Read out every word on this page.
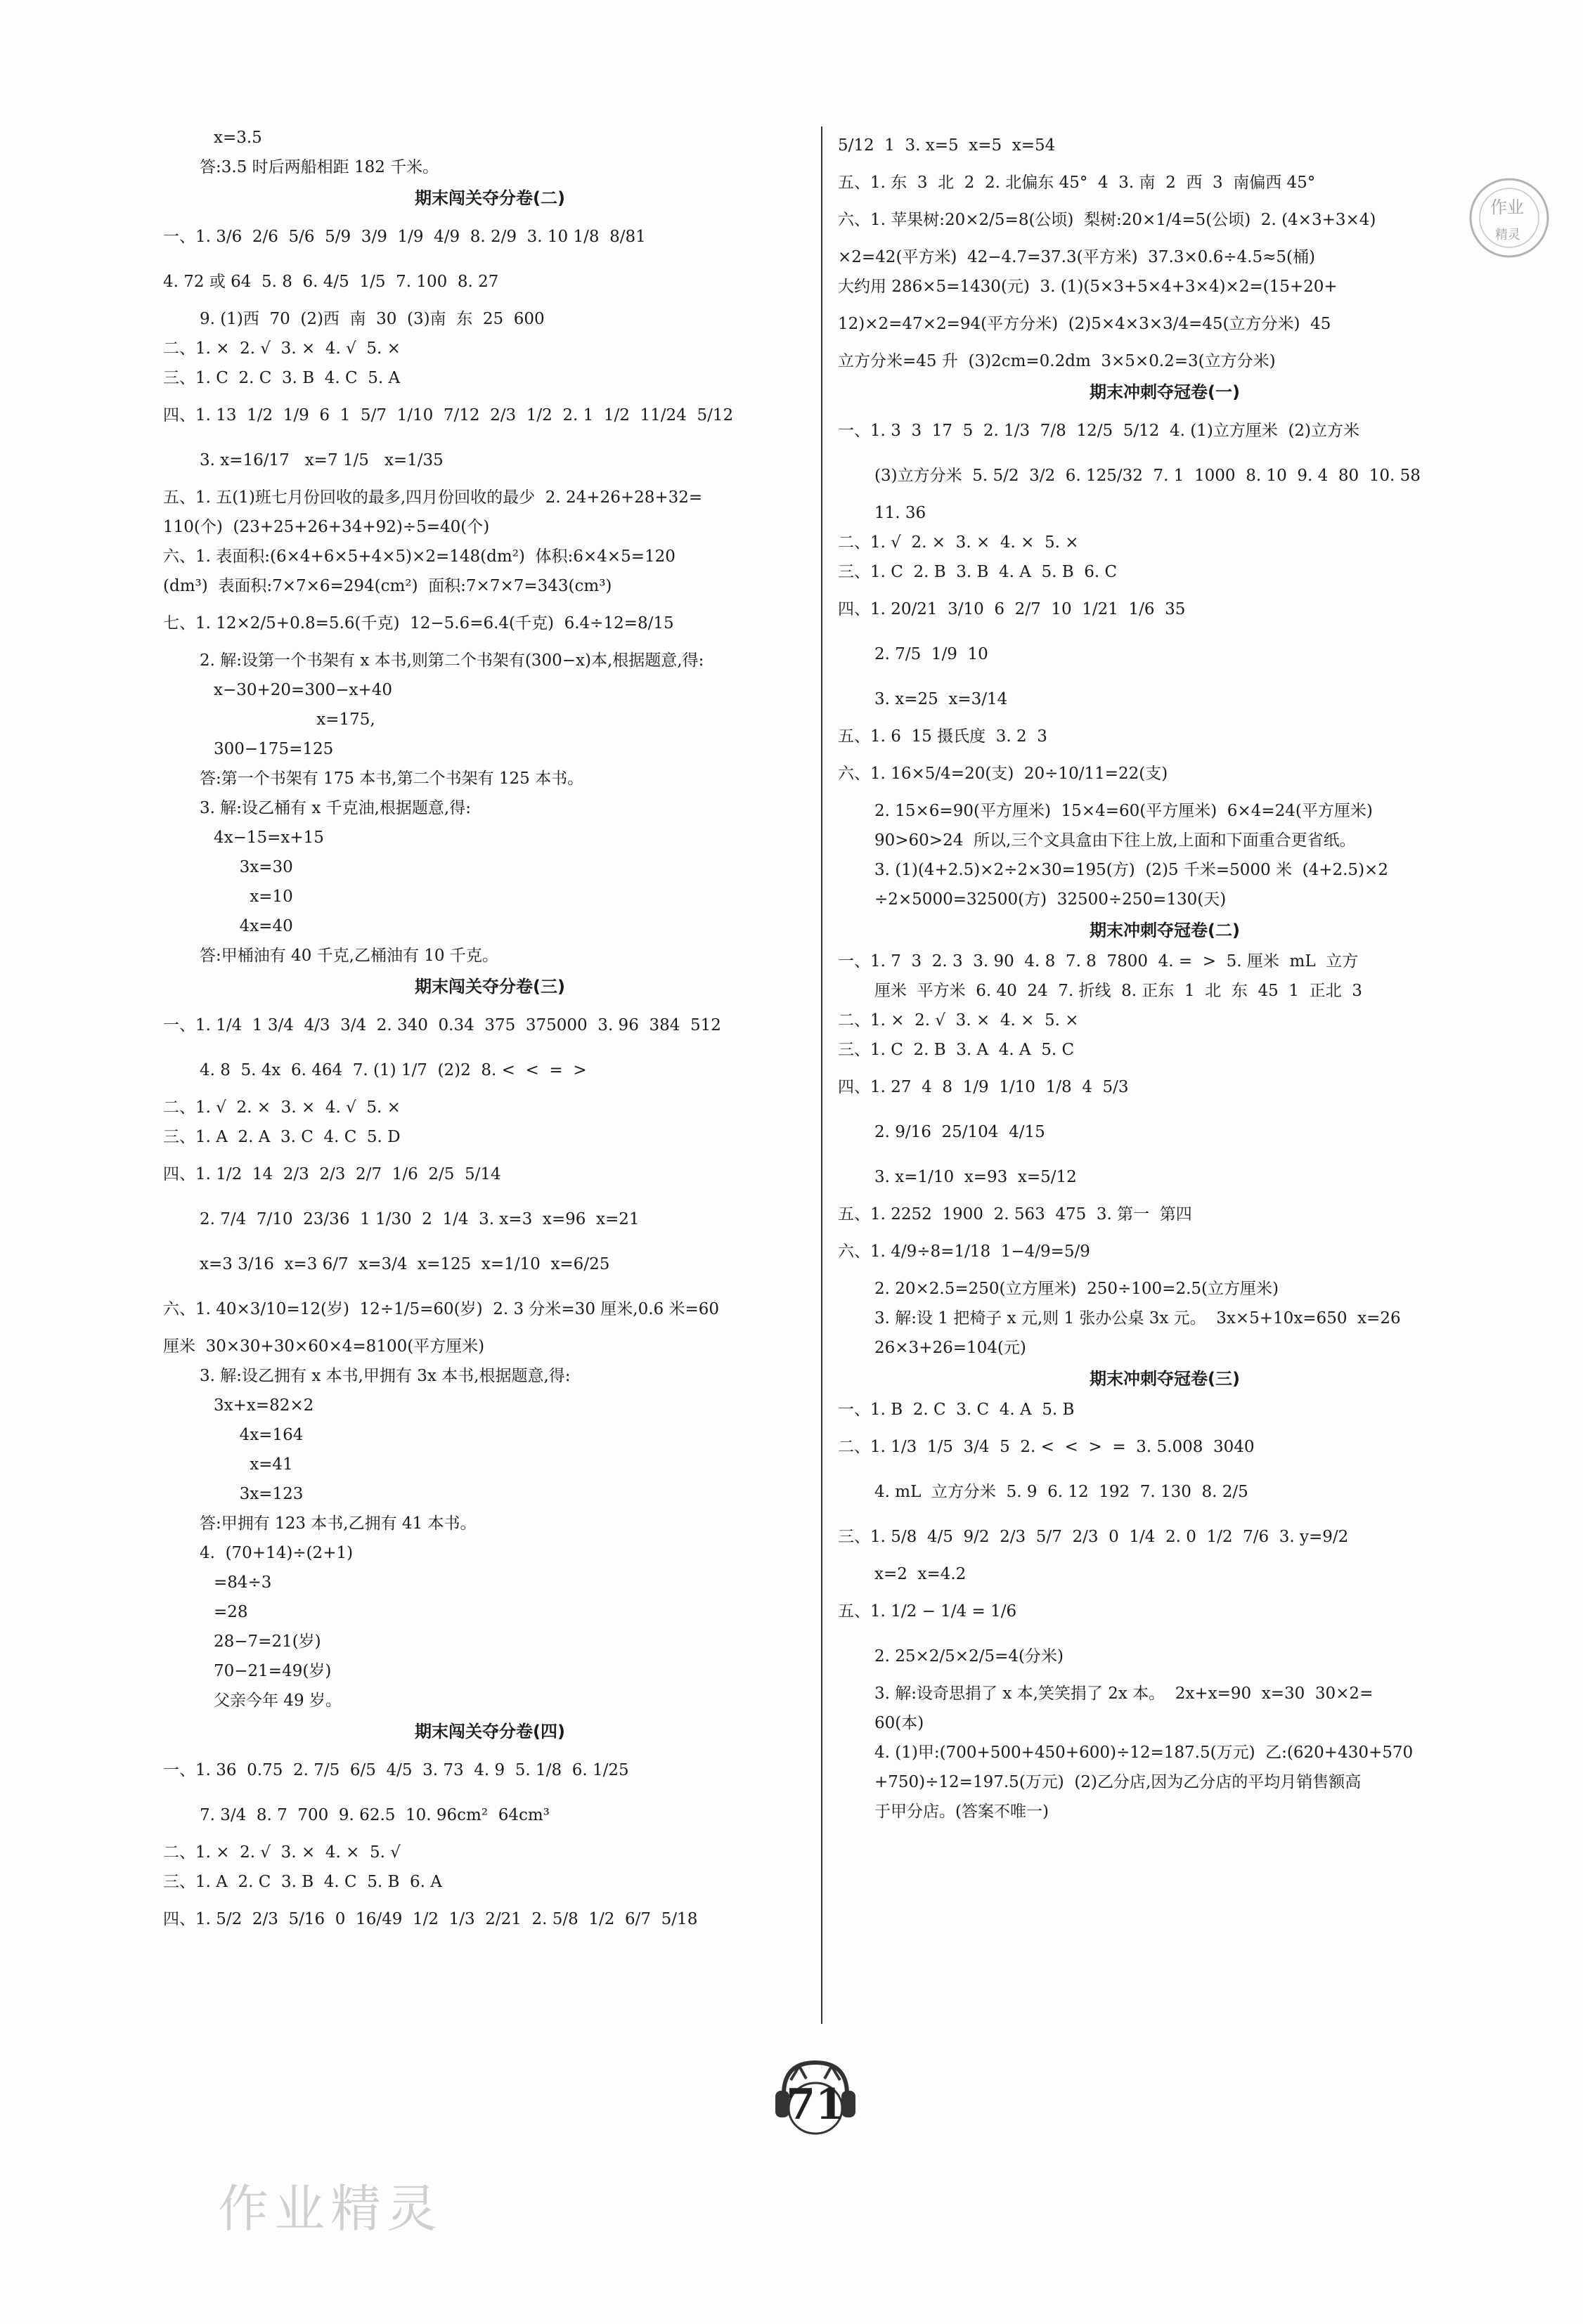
x=3.5
答:3.5 时后两船相距 182 千米。
期末闯关夺分卷(二)
一、1. 3/6  2/6  5/6  5/9  3/9  1/9  4/9  8. 2/9  3. 10 1/8  8/81
4. 72 或 64  5. 8  6. 4/5  1/5  7. 100  8. 27
9. (1)西  70  (2)西  南  30  (3)南  东  25  600
二、1. ×  2. √  3. ×  4. √  5. ×
三、1. C  2. C  3. B  4. C  5. A
四、1. 13  1/2  1/9  6  1  5/7  1/10  7/12  2/3  1/2  2. 1  1/2  11/24  5/12
3. x=16/17   x=7 1/5   x=1/35
五、1. 五(1)班七月份回收的最多,四月份回收的最少  2. 24+26+28+32=
110(个)  (23+25+26+34+92)÷5=40(个)
六、1. 表面积:(6×4+6×5+4×5)×2=148(dm²)  体积:6×4×5=120
(dm³)  表面积:7×7×6=294(cm²)  面积:7×7×7=343(cm³)
七、1. 12×2/5+0.8=5.6(千克)  12−5.6=6.4(千克)  6.4÷12=8/15
2. 解:设第一个书架有 x 本书,则第二个书架有(300−x)本,根据题意,得:
x−30+20=300−x+40
x=175,
300−175=125
答:第一个书架有 175 本书,第二个书架有 125 本书。
3. 解:设乙桶有 x 千克油,根据题意,得:
4x−15=x+15
3x=30
x=10
4x=40
答:甲桶油有 40 千克,乙桶油有 10 千克。
期末闯关夺分卷(三)
一、1. 1/4  1 3/4  4/3  3/4  2. 340  0.34  375  375000  3. 96  384  512
4. 8  5. 4x  6. 464  7. (1) 1/7  (2)2  8. <  <  =  >
二、1. √  2. ×  3. ×  4. √  5. ×
三、1. A  2. A  3. C  4. C  5. D
四、1. 1/2  14  2/3  2/3  2/7  1/6  2/5  5/14
2. 7/4  7/10  23/36  1 1/30  2  1/4  3. x=3  x=96  x=21
x=3 3/16  x=3 6/7  x=3/4  x=125  x=1/10  x=6/25
六、1. 40×3/10=12(岁)  12÷1/5=60(岁)  2. 3 分米=30 厘米,0.6 米=60
厘米  30×30+30×60×4=8100(平方厘米)
3. 解:设乙拥有 x 本书,甲拥有 3x 本书,根据题意,得:
3x+x=82×2
4x=164
x=41
3x=123
答:甲拥有 123 本书,乙拥有 41 本书。
4.  (70+14)÷(2+1)
=84÷3
=28
28−7=21(岁)
70−21=49(岁)
父亲今年 49 岁。
期末闯关夺分卷(四)
一、1. 36  0.75  2. 7/5  6/5  4/5  3. 73  4. 9  5. 1/8  6. 1/25
7. 3/4  8. 7  700  9. 62.5  10. 96cm²  64cm³
二、1. ×  2. √  3. ×  4. ×  5. √
三、1. A  2. C  3. B  4. C  5. B  6. A
四、1. 5/2  2/3  5/16  0  16/49  1/2  1/3  2/21  2. 5/8  1/2  6/7  5/18
5/12  1  3. x=5  x=5  x=54
五、1. 东  3  北  2  2. 北偏东 45°  4  3. 南  2  西  3  南偏西 45°
六、1. 苹果树:20×2/5=8(公顷)  梨树:20×1/4=5(公顷)  2. (4×3+3×4)
×2=42(平方米)  42−4.7=37.3(平方米)  37.3×0.6÷4.5≈5(桶)
大约用 286×5=1430(元)  3. (1)(5×3+5×4+3×4)×2=(15+20+
12)×2=47×2=94(平方分米)  (2)5×4×3×3/4=45(立方分米)  45
立方分米=45 升  (3)2cm=0.2dm  3×5×0.2=3(立方分米)
期末冲刺夺冠卷(一)
一、1. 3  3  17  5  2. 1/3  7/8  12/5  5/12  4. (1)立方厘米  (2)立方米
(3)立方分米  5. 5/2  3/2  6. 125/32  7. 1  1000  8. 10  9. 4  80  10. 58
11. 36
二、1. √  2. ×  3. ×  4. ×  5. ×
三、1. C  2. B  3. B  4. A  5. B  6. C
四、1. 20/21  3/10  6  2/7  10  1/21  1/6  35
2. 7/5  1/9  10
3. x=25  x=3/14
五、1. 6  15 摄氏度  3. 2  3
六、1. 16×5/4=20(支)  20÷10/11=22(支)
2. 15×6=90(平方厘米)  15×4=60(平方厘米)  6×4=24(平方厘米)
90>60>24  所以,三个文具盒由下往上放,上面和下面重合更省纸。
3. (1)(4+2.5)×2÷2×30=195(方)  (2)5 千米=5000 米  (4+2.5)×2
÷2×5000=32500(方)  32500÷250=130(天)
期末冲刺夺冠卷(二)
一、1. 7  3  2. 3  3. 90  4. 8  7. 8  7800  4. =  >  5. 厘米  mL  立方
厘米  平方米  6. 40  24  7. 折线  8. 正东  1  北  东  45  1  正北  3
二、1. ×  2. √  3. ×  4. ×  5. ×
三、1. C  2. B  3. A  4. A  5. C
四、1. 27  4  8  1/9  1/10  1/8  4  5/3
2. 9/16  25/104  4/15
3. x=1/10  x=93  x=5/12
五、1. 2252  1900  2. 563  475  3. 第一  第四
六、1. 4/9÷8=1/18  1−4/9=5/9
2. 20×2.5=250(立方厘米)  250÷100=2.5(立方厘米)
3. 解:设 1 把椅子 x 元,则 1 张办公桌 3x 元。  3x×5+10x=650  x=26
26×3+26=104(元)
期末冲刺夺冠卷(三)
一、1. B  2. C  3. C  4. A  5. B
二、1. 1/3  1/5  3/4  5  2. <  <  >  =  3. 5.008  3040
4. mL  立方分米  5. 9  6. 12  192  7. 130  8. 2/5
三、1. 5/8  4/5  9/2  2/3  5/7  2/3  0  1/4  2. 0  1/2  7/6  3. y=9/2
x=2  x=4.2
五、1. 1/2 − 1/4 = 1/6
2. 25×2/5×2/5=4(分米)
3. 解:设奇思捐了 x 本,笑笑捐了 2x 本。  2x+x=90  x=30  30×2=
60(本)
4. (1)甲:(700+500+450+600)÷12=187.5(万元)  乙:(620+430+570
+750)÷12=197.5(万元)  (2)乙分店,因为乙分店的平均月销售额高
于甲分店。(答案不唯一)
作业
精灵
71
作业精灵
